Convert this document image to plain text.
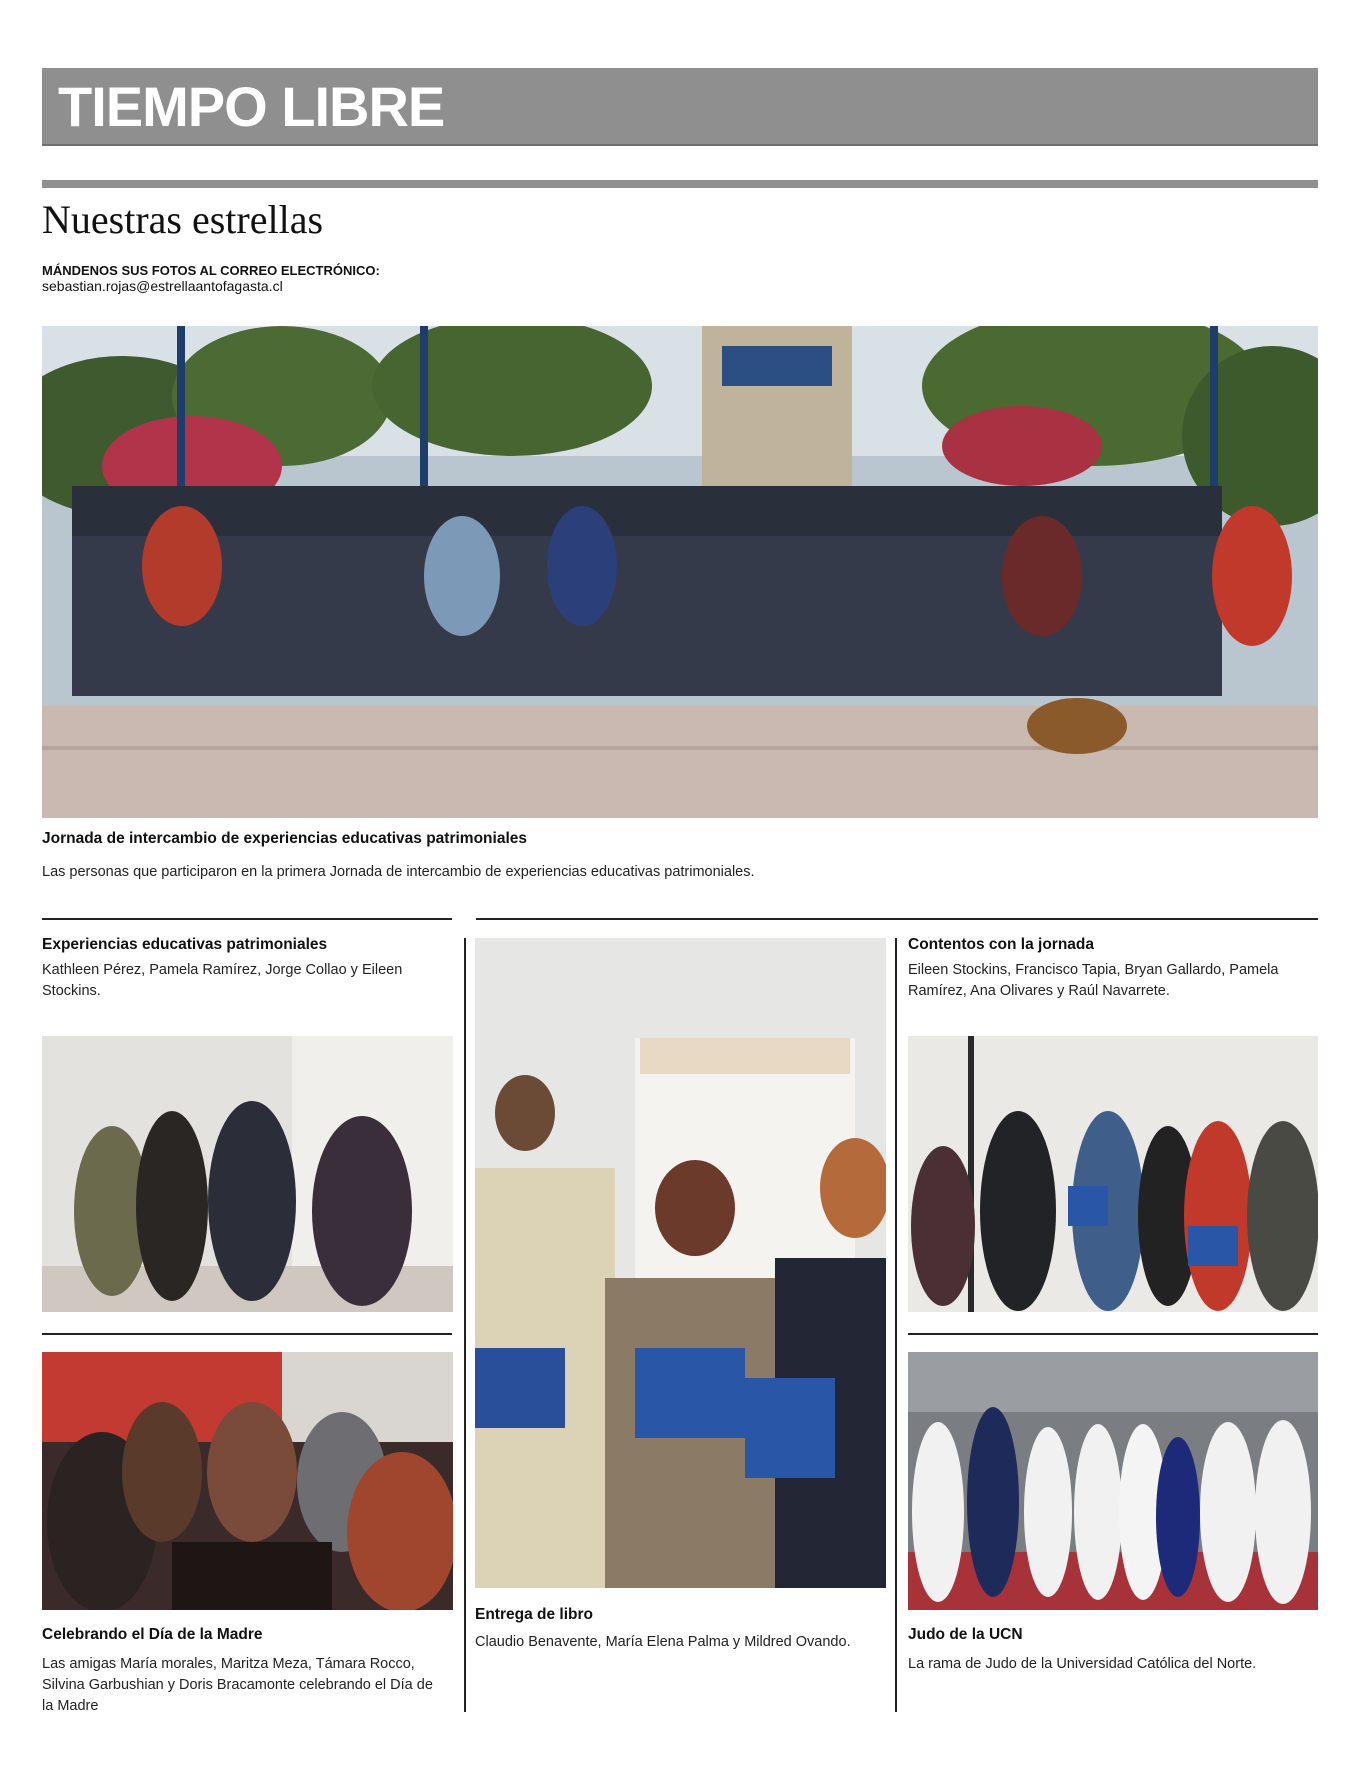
TIEMPO LIBRE
Nuestras estrellas
MÁNDENOS SUS FOTOS AL CORREO ELECTRÓNICO:
sebastian.rojas@estrellaantofagasta.cl
Jornada de intercambio de experiencias educativas patrimoniales
Las personas que participaron en la primera Jornada de intercambio de experiencias educativas patrimoniales.
Experiencias educativas patrimoniales
Kathleen Pérez, Pamela Ramírez, Jorge Collao y Eileen Stockins.
Celebrando el Día de la Madre
Las amigas María morales, Maritza Meza, Támara Rocco, Silvina Garbushian y Doris Bracamonte celebrando el Día de la Madre
Entrega de libro
Claudio Benavente, María Elena Palma y Mildred Ovando.
Contentos con la jornada
Eileen Stockins, Francisco Tapia, Bryan Gallardo, Pamela Ramírez, Ana Olivares y Raúl Navarrete.
Judo de la UCN
La rama de Judo de la Universidad Católica del Norte.
